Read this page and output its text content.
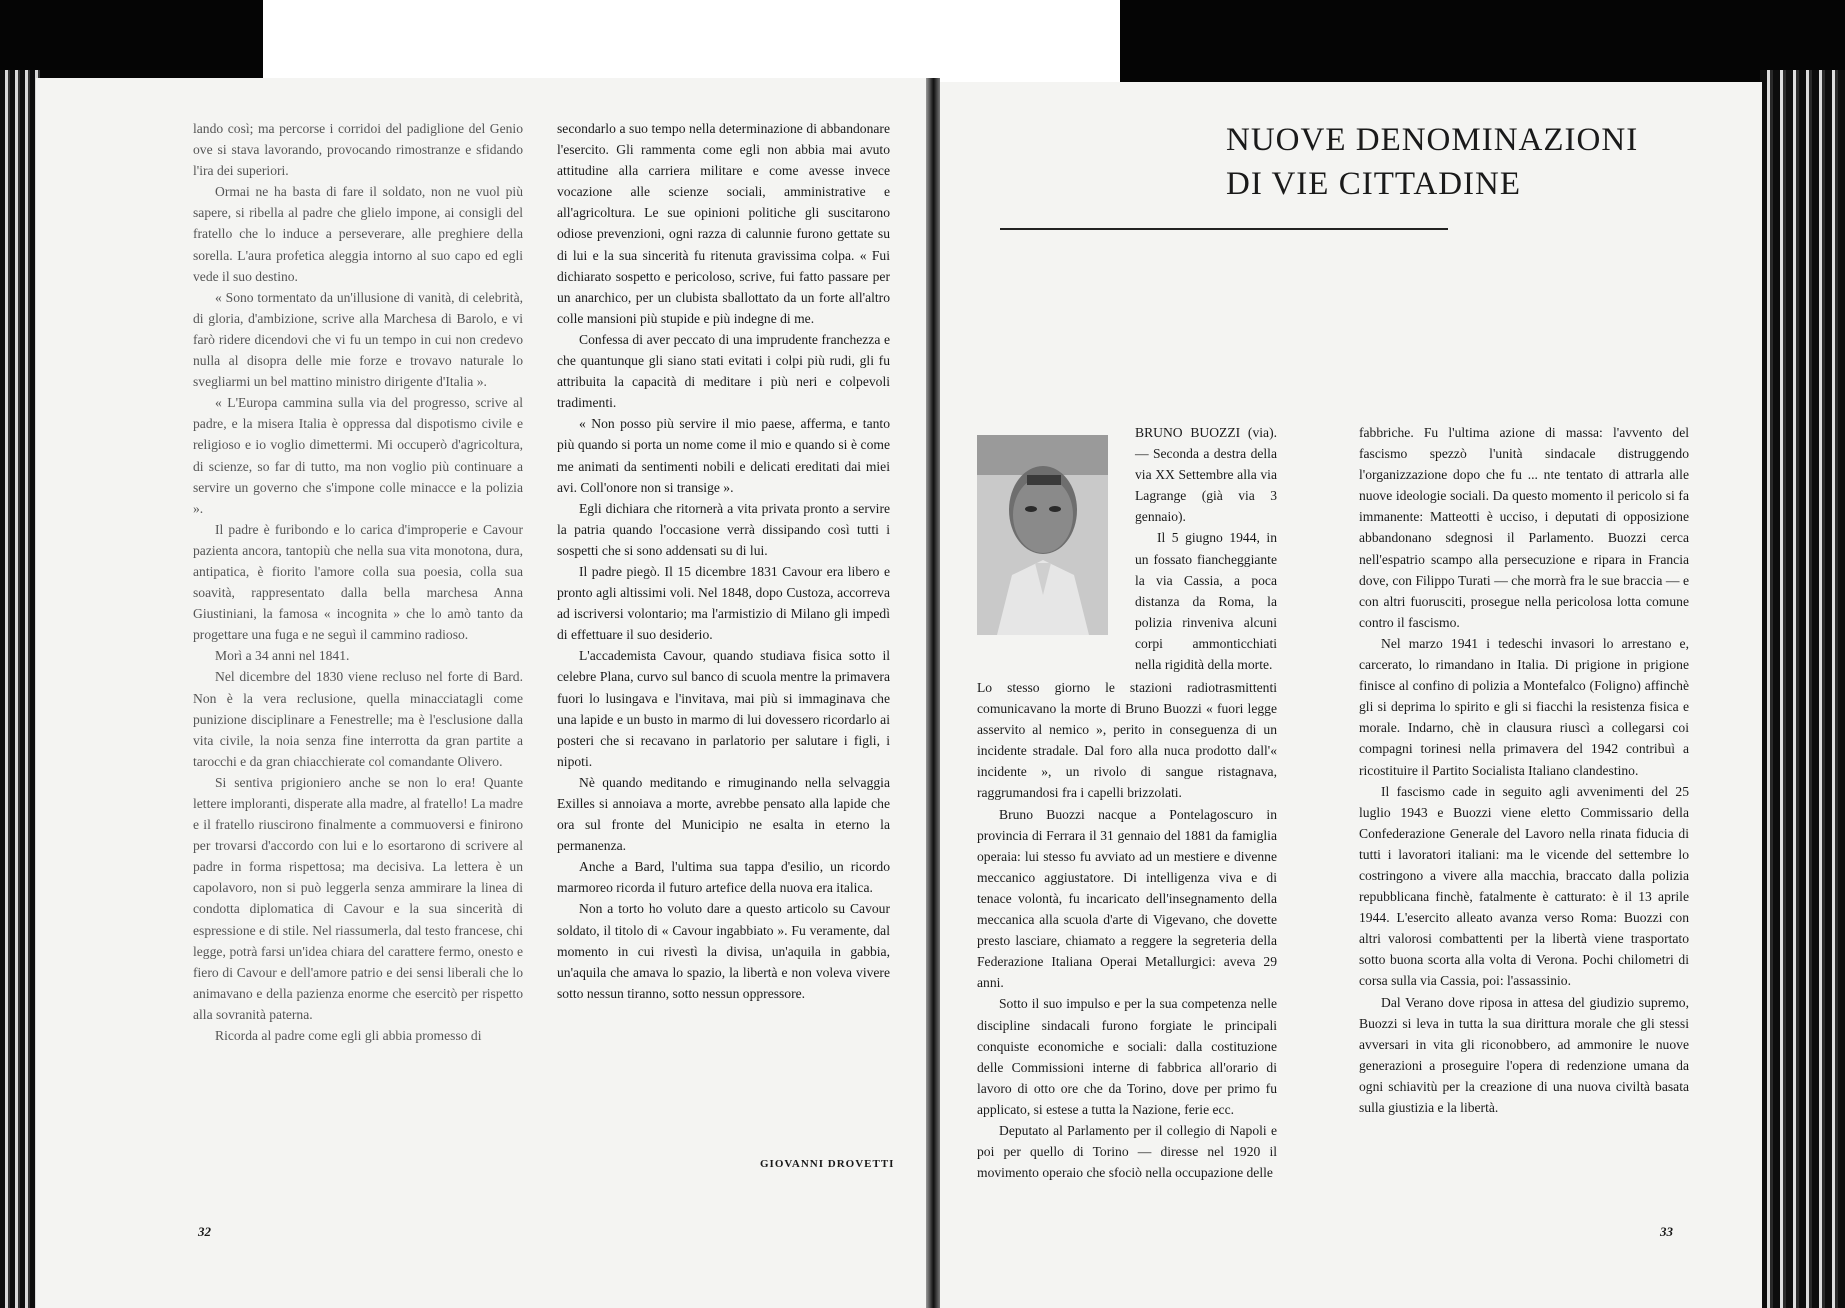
lando così; ma percorse i corridoi del padiglione del Genio ove si stava lavorando, provocando rimostranze e sfidando l'ira dei superiori.

Ormai ne ha basta di fare il soldato, non ne vuol più sapere, si ribella al padre che glielo impone, ai consigli del fratello che lo induce a perseverare, alle preghiere della sorella. L'aura profetica aleggia intorno al suo capo ed egli vede il suo destino.

« Sono tormentato da un'illusione di vanità, di celebrità, di gloria, d'ambizione, scrive alla Marchesa di Barolo, e vi farò ridere dicendovi che vi fu un tempo in cui non credevo nulla al disopra delle mie forze e trovavo naturale lo svegliarmi un bel mattino ministro dirigente d'Italia ».

« L'Europa cammina sulla via del progresso, scrive al padre, e la misera Italia è oppressa dal dispotismo civile e religioso e io voglio dimettermi. Mi occuperò d'agricoltura, di scienze, so far di tutto, ma non voglio più continuare a servire un governo che s'impone colle minacce e la polizia ».

Il padre è furibondo e lo carica d'improperie e Cavour pazienta ancora, tantopiù che nella sua vita monotona, dura, antipatica, è fiorito l'amore colla sua poesia, colla sua soavità, rappresentato dalla bella marchesa Anna Giustiniani, la famosa « incognita » che lo amò tanto da progettare una fuga e ne seguì il cammino radioso.

Morì a 34 anni nel 1841.

Nel dicembre del 1830 viene recluso nel forte di Bard. Non è la vera reclusione, quella minacciatagli come punizione disciplinare a Fenestrelle; ma è l'esclusione dalla vita civile, la noia senza fine interrotta da gran partite a tarocchi e da gran chiacchierate col comandante Olivero.

Si sentiva prigioniero anche se non lo era! Quante lettere imploranti, disperate alla madre, al fratello! La madre e il fratello riuscirono finalmente a commuoversi e finirono per trovarsi d'accordo con lui e lo esortarono di scrivere al padre in forma rispettosa; ma decisiva. La lettera è un capolavoro, non si può leggerla senza ammirare la linea di condotta diplomatica di Cavour e la sua sincerità di espressione e di stile. Nel riassumerla, dal testo francese, chi legge, potrà farsi un'idea chiara del carattere fermo, onesto e fiero di Cavour e dell'amore patrio e dei sensi liberali che lo animavano e della pazienza enorme che esercitò per rispetto alla sovranità paterna.

Ricorda al padre come egli gli abbia promesso di

secondarlo a suo tempo nella determinazione di abbandonare l'esercito. Gli rammenta come egli non abbia mai avuto attitudine alla carriera militare e come avesse invece vocazione alle scienze sociali, amministrative e all'agricoltura. Le sue opinioni politiche gli suscitarono odiose prevenzioni, ogni razza di calunnie furono gettate su di lui e la sua sincerità fu ritenuta gravissima colpa. « Fui dichiarato sospetto e pericoloso, scrive, fui fatto passare per un anarchico, per un clubista sballottato da un forte all'altro colle mansioni più stupide e più indegne di me.

Confessa di aver peccato di una imprudente franchezza e che quantunque gli siano stati evitati i colpi più rudi, gli fu attribuita la capacità di meditare i più neri e colpevoli tradimenti.

« Non posso più servire il mio paese, afferma, e tanto più quando si porta un nome come il mio e quando si è come me animati da sentimenti nobili e delicati ereditati dai miei avi. Coll'onore non si transige ».

Egli dichiara che ritornerà a vita privata pronto a servire la patria quando l'occasione verrà dissipando così tutti i sospetti che si sono addensati su di lui.

Il padre piegò. Il 15 dicembre 1831 Cavour era libero e pronto agli altissimi voli. Nel 1848, dopo Custoza, accorreva ad iscriversi volontario; ma l'armistizio di Milano gli impedì di effettuare il suo desiderio.

L'accademista Cavour, quando studiava fisica sotto il celebre Plana, curvo sul banco di scuola mentre la primavera fuori lo lusingava e l'invitava, mai più si immaginava che una lapide e un busto in marmo di lui dovessero ricordarlo ai posteri che si recavano in parlatorio per salutare i figli, i nipoti.

Nè quando meditando e rimuginando nella selvaggia Exilles si annoiava a morte, avrebbe pensato alla lapide che ora sul fronte del Municipio ne esalta in eterno la permanenza.

Anche a Bard, l'ultima sua tappa d'esilio, un ricordo marmoreo ricorda il futuro artefice della nuova era italica.

Non a torto ho voluto dare a questo articolo su Cavour soldato, il titolo di « Cavour ingabbiato ». Fu veramente, dal momento in cui rivestì la divisa, un'aquila in gabbia, un'aquila che amava lo spazio, la libertà e non voleva vivere sotto nessun tiranno, sotto nessun oppressore.

GIOVANNI DROVETTI
32
NUOVE DENOMINAZIONI
DI VIE CITTADINE

BRUNO BUOZZI (via). — Seconda a destra della via XX Settembre alla via Lagrange (già via 3 gennaio).

Il 5 giugno 1944, in un fossato fiancheggiante la via Cassia, a poca distanza da Roma, la polizia rinveniva alcuni corpi ammonticchiati nella rigidità della morte.

Lo stesso giorno le stazioni radiotrasmittenti comunicavano la morte di Bruno Buozzi « fuori legge asservito al nemico », perito in conseguenza di un incidente stradale. Dal foro alla nuca prodotto dall'« incidente », un rivolo di sangue ristagnava, raggrumandosi fra i capelli brizzolati.

Bruno Buozzi nacque a Pontelagoscuro in provincia di Ferrara il 31 gennaio del 1881 da famiglia operaia: lui stesso fu avviato ad un mestiere e divenne meccanico aggiustatore. Di intelligenza viva e di tenace volontà, fu incaricato dell'insegnamento della meccanica alla scuola d'arte di Vigevano, che dovette presto lasciare, chiamato a reggere la segreteria della Federazione Italiana Operai Metallurgici: aveva 29 anni.

Sotto il suo impulso e per la sua competenza nelle discipline sindacali furono forgiate le principali conquiste economiche e sociali: dalla costituzione delle Commissioni interne di fabbrica all'orario di lavoro di otto ore che da Torino, dove per primo fu applicato, si estese a tutta la Nazione, ferie ecc.

Deputato al Parlamento per il collegio di Napoli e poi per quello di Torino — diresse nel 1920 il movimento operaio che sfociò nella occupazione delle

fabbriche. Fu l'ultima azione di massa: l'avvento del fascismo spezzò l'unità sindacale distruggendo l'organizzazione dopo che fu ... nte tentato di attrarla alle nuove ideologie sociali. Da questo momento il pericolo si fa immanente: Matteotti è ucciso, i deputati di opposizione abbandonano sdegnosi il Parlamento. Buozzi cerca nell'espatrio scampo alla persecuzione e ripara in Francia dove, con Filippo Turati — che morrà fra le sue braccia — e con altri fuorusciti, prosegue nella pericolosa lotta comune contro il fascismo.

Nel marzo 1941 i tedeschi invasori lo arrestano e, carcerato, lo rimandano in Italia. Di prigione in prigione finisce al confino di polizia a Montefalco (Foligno) affinchè gli si deprima lo spirito e gli si fiacchi la resistenza fisica e morale. Indarno, chè in clausura riuscì a collegarsi coi compagni torinesi nella primavera del 1942 contribuì a ricostituire il Partito Socialista Italiano clandestino.

Il fascismo cade in seguito agli avvenimenti del 25 luglio 1943 e Buozzi viene eletto Commissario della Confederazione Generale del Lavoro nella rinata fiducia di tutti i lavoratori italiani: ma le vicende del settembre lo costringono a vivere alla macchia, braccato dalla polizia repubblicana finchè, fatalmente è catturato: è il 13 aprile 1944. L'esercito alleato avanza verso Roma: Buozzi con altri valorosi combattenti per la libertà viene trasportato sotto buona scorta alla volta di Verona. Pochi chilometri di corsa sulla via Cassia, poi: l'assassinio.

Dal Verano dove riposa in attesa del giudizio supremo, Buozzi si leva in tutta la sua dirittura morale che gli stessi avversari in vita gli riconobbero, ad ammonire le nuove generazioni a proseguire l'opera di redenzione umana da ogni schiavitù per la creazione di una nuova civiltà basata sulla giustizia e la libertà.

33
